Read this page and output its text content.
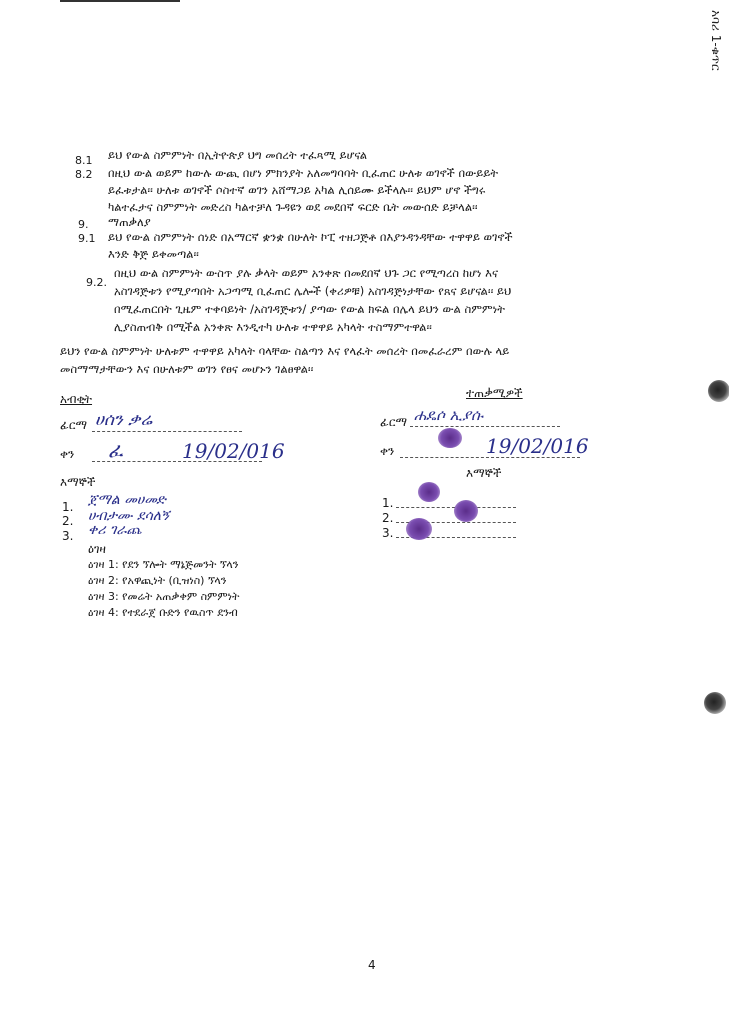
አባሪ 1-ቁጥር
8.1 ይህ የውል ስምምነት በኢትዮጵያ ህግ መሰረት ተፈጻሚ ይሆናል
8.2 በዚህ ውል ወይም ከውሉ ውጪ በሆነ ምክንያት አለመግባባት ቢፈጠር ሁለቱ ወገኖች በውይይት
ይፈቱታል፡፡ ሁለቱ ወገኖች ሶስተኛ ወገን አሸማጋይ አካል ሊሰይሙ ይችላሉ፡፡ ይህም ሆኖ ችግሩ
ካልተፈታና ስምምነት መድረስ ካልተቻለ ጉዳዩን ወደ መደበኛ ፍርድ ቤት መውሰድ ይቻላል፡፡
9. ማጠቃለያ
9.1 ይህ የውል ስምምነት ሰነድ በአማርኛ ቋንቋ በሁለት ኮፒ ተዘጋጅቶ በእያንዳንዳቸው ተዋዋይ ወገኖች
እንድ ቅጅ ይቀመጣል፡፡
9.2.
በዚህ ውል ስምምነት ውስጥ ያሉ ቃላት ወይም አንቀጽ በመደበኛ ህጉ ጋር የሚጣረስ ከሆነ እና
አስገዳጅቱን የሚያጣበት አጋጣሚ ቢፈጠር ሌሎች (ቀሪዎቹ) አስገዳጅነታቸው የጸና ይሆናል፡፡ ይህ
በሚፈጠርበት ጊዜም ተቀባይነት /አስገዳጅቱን/ ያጣው የውል ክፍል በሌላ ይህን ውል ስምምነት
ሊያስጠብቅ በሚችል አንቀጽ እንዲተካ ሁለቱ ተዋዋይ አካላት ተስማምተዋል፡፡
ይህን የውል ስምምነት ሁለቱም ተዋዋይ አካላት ባላቸው ስልጣን እና የላፈት መሰረት በመፈራረም በውሉ ላይ
መስማማታቸውን እና በሁለቱም ወገን የፀና መሆኑን ገልፀዋል፡፡
አብቂት
ፊርማ ሀሰን ቃሬ
ቀን ፈ	19/02/016
እማኞች
1. ጀማል መሀመድ
2. ሀብታሙ ደሳለኝ
3. ቀሪ ገራጨ
ዕገዛ
ዕገዛ 1: የደን ኘሎት ማኔጅመንት ኘላን
ዕገዛ 2: የአዋጪነት (ቢዝነስ) ኘላን
ዕገዛ 3: የመሬት አጠቃቀም ስምምነት
ዕገዛ 4: የተደራጀ ቡድን የዉስጥ ደንብ
ተጠቃሚዎች
ፊርማ ሐዴሶ ኢያሱ
ቀን	19/02/016
እማኞች
1.
2.
3.
4
